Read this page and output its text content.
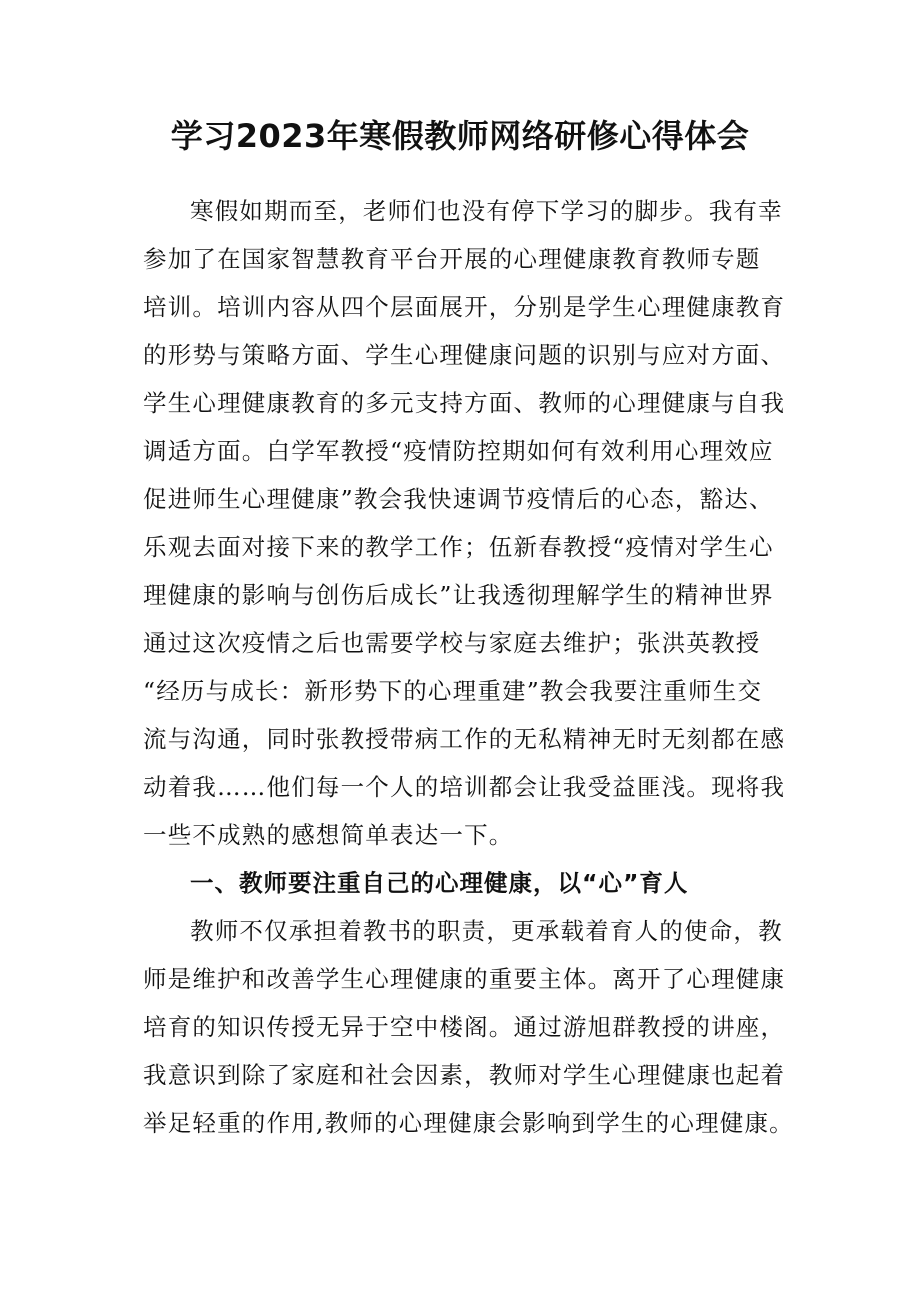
学习2023年寒假教师网络研修心得体会

寒假如期而至，老师们也没有停下学习的脚步。我有幸

参加了在国家智慧教育平台开展的心理健康教育教师专题

培训。培训内容从四个层面展开，分别是学生心理健康教育

的形势与策略方面、学生心理健康问题的识别与应对方面、

学生心理健康教育的多元支持方面、教师的心理健康与自我

调适方面。白学军教授“疫情防控期如何有效利用心理效应

促进师生心理健康”教会我快速调节疫情后的心态，豁达、

乐观去面对接下来的教学工作；伍新春教授“疫情对学生心

理健康的影响与创伤后成长”让我透彻理解学生的精神世界

通过这次疫情之后也需要学校与家庭去维护；张洪英教授

“经历与成长：新形势下的心理重建”教会我要注重师生交

流与沟通，同时张教授带病工作的无私精神无时无刻都在感

动着我……他们每一个人的培训都会让我受益匪浅。现将我

一些不成熟的感想简单表达一下。

一、教师要注重自己的心理健康，以“心”育人

教师不仅承担着教书的职责，更承载着育人的使命，教

师是维护和改善学生心理健康的重要主体。离开了心理健康

培育的知识传授无异于空中楼阁。通过游旭群教授的讲座，

我意识到除了家庭和社会因素，教师对学生心理健康也起着

举足轻重的作用,教师的心理健康会影响到学生的心理健康。
